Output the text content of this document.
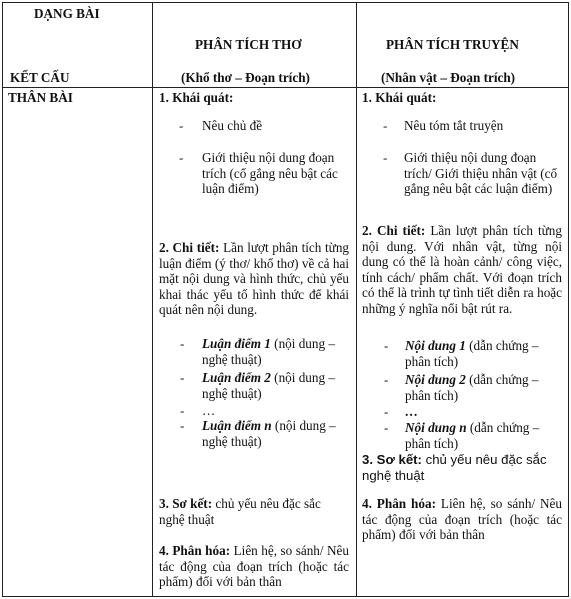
DẠNG BÀI
KẾT CẤU
PHÂN TÍCH THƠ
(Khổ thơ – Đoạn trích)
PHÂN TÍCH TRUYỆN
(Nhân vật – Đoạn trích)
THÂN BÀI	1. Khái quát:
- Nêu chủ đề
- Giới thiệu nội dung đoạn trích (cố gắng nêu bật các luận điểm)
2. Chi tiết: Lần lượt phân tích từng luận điểm (ý thơ/ khổ thơ) về cả hai mặt nội dung và hình thức, chủ yếu khai thác yếu tố hình thức để khái quát nên nội dung.
- Luận điểm 1 (nội dung – nghệ thuật)
- Luận điểm 2 (nội dung – nghệ thuật)
- …
- Luận điểm n (nội dung – nghệ thuật)
3. Sơ kết: chủ yếu nêu đặc sắc nghệ thuật
4. Phân hóa: Liên hệ, so sánh/ Nêu tác động của đoạn trích (hoặc tác phẩm) đối với bản thân
1. Khái quát:
- Nêu tóm tắt truyện
- Giới thiệu nội dung đoạn trích/ Giới thiệu nhân vật (cố gắng nêu bật các luận điểm)
2. Chi tiết: Lần lượt phân tích từng nội dung. Với nhân vật, từng nội dung có thể là hoàn cảnh/ công việc, tính cách/ phẩm chất. Với đoạn trích có thể là trình tự tình tiết diễn ra hoặc những ý nghĩa nổi bật rút ra.
- Nội dung 1 (dẫn chứng – phân tích)
- Nội dung 2 (dẫn chứng – phân tích)
- …
- Nội dung n (dẫn chứng – phân tích)
3. Sơ kết: chủ yếu nêu đặc sắc nghệ thuật
4. Phân hóa: Liên hệ, so sánh/ Nêu tác động của đoạn trích (hoặc tác phẩm) đối với bản thân
